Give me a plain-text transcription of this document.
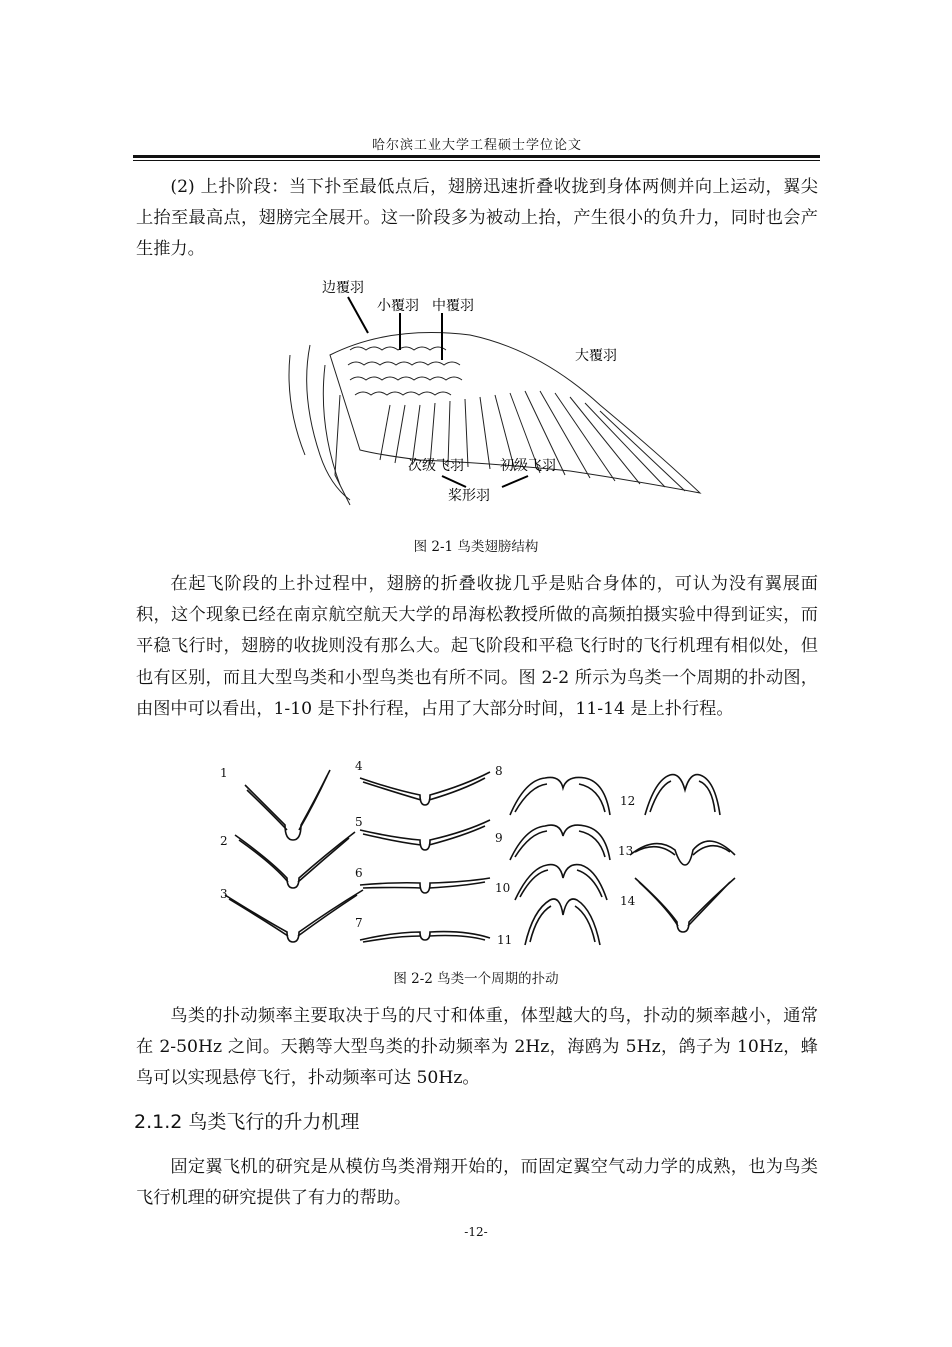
哈尔滨工业大学工程硕士学位论文

(2) 上扑阶段：当下扑至最低点后，翅膀迅速折叠收拢到身体两侧并向上运动，翼尖上抬至最高点，翅膀完全展开。这一阶段多为被动上抬，产生很小的负升力，同时也会产生推力。

边覆羽
小覆羽 中覆羽
大覆羽
次级飞羽	初级飞羽
桨形羽
图 2-1 鸟类翅膀结构

在起飞阶段的上扑过程中，翅膀的折叠收拢几乎是贴合身体的，可认为没有翼展面积，这个现象已经在南京航空航天大学的昂海松教授所做的高频拍摄实验中得到证实，而平稳飞行时，翅膀的收拢则没有那么大。起飞阶段和平稳飞行时的飞行机理有相似处，但也有区别，而且大型鸟类和小型鸟类也有所不同。图 2-2 所示为鸟类一个周期的扑动图，由图中可以看出，1-10 是下扑行程，占用了大部分时间，11-14 是上扑行程。

1
2
3
4
5
6
7
8
9
10
11
12
13
14
图 2-2 鸟类一个周期的扑动

鸟类的扑动频率主要取决于鸟的尺寸和体重，体型越大的鸟，扑动的频率越小，通常在 2-50Hz 之间。天鹅等大型鸟类的扑动频率为 2Hz，海鸥为 5Hz，鸽子为 10Hz，蜂鸟可以实现悬停飞行，扑动频率可达 50Hz。

2.1.2 鸟类飞行的升力机理

固定翼飞机的研究是从模仿鸟类滑翔开始的，而固定翼空气动力学的成熟，也为鸟类飞行机理的研究提供了有力的帮助。

-12-
